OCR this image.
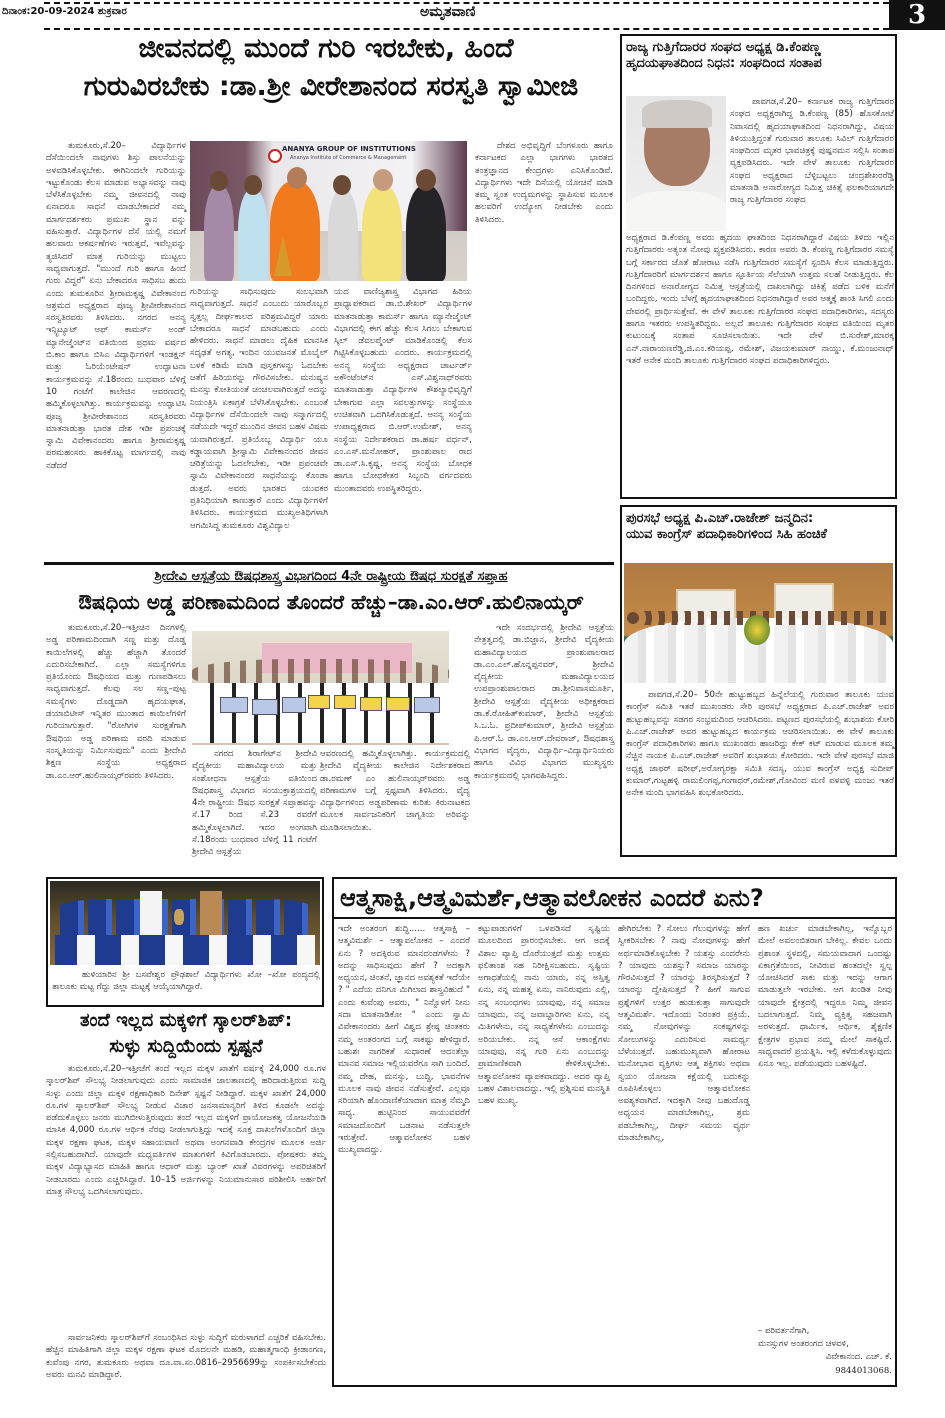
ದಿನಾಂಕ:20-09-2024 ಶುಕ್ರವಾರ	ಅಮೃತವಾಣಿ	3
ಜೀವನದಲ್ಲಿ ಮುಂದೆ ಗುರಿ ಇರಬೇಕು, ಹಿಂದೆ
ಗುರುವಿರಬೇಕು :ಡಾ.ಶ್ರೀ ವೀರೇಶಾನಂದ ಸರಸ್ವತಿ ಸ್ವಾಮೀಜಿ

ತುಮಕೂರು,ಸೆ.20– ವಿದ್ಯಾರ್ಥಿಗಳ ದೆಸೆಯಿಂದಲೇ ನಾವುಗಳು ಶಿಸ್ತು ಪಾಲನೆಯನ್ನು ಅಳವಡಿಸಿಕೊಳ್ಳಬೇಕು. ಈಗಿನಿಂದಲೇ ಗುರಿಯನ್ನು ಇಟ್ಟುಕೊಂಡು ಕೆಲಸ ಮಾಡುವ ಅಭ್ಯಾಸವನ್ನು ನಾವು ಬೆಳೆಸಿಕೊಳ್ಳಬೇಕು ನಮ್ಮ ಜೀವನದಲ್ಲಿ ನಾವು ಏನಾದರೂ ಸಾಧನೆ ಮಾಡಬೇಕಾದರೆ ನಮ್ಮ ಮಾರ್ಗದರ್ಶಕರು ಪ್ರಮುಖ ಸ್ಥಾನ ವನ್ನು ವಹಿಸುತ್ತಾರೆ. ವಿದ್ಯಾರ್ಥಿಗಳ ದೆಸೆ ಯಲ್ಲಿ ನಮಗೆ ಹಲವಾರು ಆಕರ್ಷಣೆಗಳು ಇರುತ್ತವೆ, ಇವೆಲ್ಲವನ್ನು ತ್ಯಜಿಸಿದರೆ ಮಾತ್ರ ಗುರಿಯನ್ನು ಮುಟ್ಟಲು ಸಾಧ್ಯವಾಗುತ್ತದೆ. "ಮುಂದೆ ಗುರಿ ಹಾಗೂ ಹಿಂದೆ ಗುರು ವಿದ್ದರೆ" ಏನು ಬೇಕಾದರೂ ಸಾಧಿಸಬ ಹುದು ಎಂದು ತುಮಕೂರಿನ ಶ್ರೀರಾಮಕೃಷ್ಣ ವಿವೇಕಾನಂದ ಆಶ್ರಮದ ಅಧ್ಯಕ್ಷರಾದ ಪೂಜ್ಯ ಶ್ರೀವೀರೇಶಾನಂದ ಸರಸ್ವತಿರವರು ತಿಳಿಸಿದರು. ನಗರದ ಅನನ್ಯ ಇನ್ಸ್ಟಿಟ್ಯೂಟ್ ಆಫ್ ಕಾಮರ್ಸ್ ಅಂಡ್ ಮ್ಯಾನೇಜ್ಮೆಂಟ್‌ನ ವತಿಯಿಂದ ಪ್ರಥಮ ವರ್ಷದ ಬಿ.ಕಾಂ ಹಾಗೂ ಬಿಸಿಎ ವಿದ್ಯಾರ್ಥಿಗಳಿಗೆ ಇಂಡಕ್ಷನ್ ಮತ್ತು ಓರಿಯೆಂಟೇಷನ್ ಉದ್ಘಾಟನಾ ಕಾರ್ಯಕ್ರಮವನ್ನು ಸೆ.18ರಂದು ಬುಧವಾರ ಬೆಳಿಗ್ಗೆ 10 ಗಂಟೆಗೆ ಕಾಲೇಜಿನ ಆವರಣದಲ್ಲಿ ಹಮ್ಮಿಕೊಳ್ಳಲಾಗಿತ್ತು. ಕಾರ್ಯಕ್ರಮವನ್ನು ಉದ್ಘಾಟಿಸಿ ಪೂಜ್ಯ ಶ್ರೀವೀರೇಶಾನಂದ ಸರಸ್ವತಿರವರು ಮಾತನಾಡುತ್ತಾ ಭಾರತ ದೇಶ ಇಡೀ ಪ್ರಪಂಚಕ್ಕೆ ಸ್ವಾಮಿ ವಿವೇಕಾನಂದರು ಹಾಗೂ ಶ್ರೀರಾಮಕೃಷ್ಣ ಪರಮಹಂಸರು ಹಾಕಿಕೊಟ್ಟ ಮಾರ್ಗದಲ್ಲಿ ನಾವು ನಡೆದರೆ

ANANYA GROUP OF INSTITUTIONS
Ananya Institute of Commerce & Management

ಗುರಿಯನ್ನು ಸಾಧಿಸುವುದು ಸುಲಭವಾಗಿ ಸಾಧ್ಯವಾಗುತ್ತದೆ. ಸಾಧನೆ ಎಂಬುದು ಯಾರೊಬ್ಬರ ಸ್ವತ್ತಲ್ಲ ದೀರ್ಘಕಾಲದ ಪರಿಶ್ರಮವಿದ್ದರೆ ಯಾರು ಬೇಕಾದರೂ ಸಾಧನೆ ಮಾಡಬಹುದು ಎಂದು ಹೇಳಿದರು. ಸಾಧನೆ ಮಾಡಲು ದೈಹಿಕ ಮಾನಸಿಕ ಸದೃಢತೆ ಅಗತ್ಯ, ಇಂದಿನ ಯುವಜನತೆ ಮೊಬೈಲ್ ಬಳಕೆ ಕಡಿಮೆ ಮಾಡಿ ಪುಸ್ತಕಗಳನ್ನು ಓದಬೇಕು ಜತೆಗೆ ಹಿರಿಯರನ್ನು ಗೌರವಿಸಬೇಕು. ಮನುಷ್ಯನ ಮನಸ್ಸು ಕೋತಿಯಂತೆ ಚಂಚಲವಾಗಿರುತ್ತದೆ ಅದನ್ನು ನಿಯಂತ್ರಿಸಿ ಏಕಾಗ್ರತೆ ಬೆಳೆಸಿಕೊಳ್ಳಬೇಕು. ಎಂಬಂತೆ ವಿದ್ಯಾರ್ಥಿಗಳ ದೆಸೆಯಿಂದಲೇ ನಾವು ಸನ್ಮಾರ್ಗದಲ್ಲಿ ನಡೆಯದೇ ಇದ್ದರೆ ಮುಂದಿನ ಜೀವನ ಬಹಳ ವಿಷಮ ಯವಾಗಿರುತ್ತದೆ. ಪ್ರತಿಯೊಬ್ಬ ವಿದ್ಯಾರ್ಥಿ ಯೂ ಕಡ್ಡಾಯವಾಗಿ ಶ್ರೀಸ್ವಾಮಿ ವಿವೇಕಾನಂದರ ಜೀವನ ಚರಿತ್ರೆಯನ್ನು ಓದಲೇಬೇಕು, ಇಡೀ ಪ್ರಪಂಚವೇ ಸ್ವಾಮಿ ವಿವೇಕಾನಂದರ ಸಾಧನೆಯನ್ನು ಕೊಂಡಾ ಡುತ್ತದೆ. ಅವರು ಭಾರತದ ಯುವಕರ ಪ್ರತಿನಿಧಿಯಾಗಿ ಕಾಣುತ್ತಾರೆ ಎಂದು ವಿದ್ಯಾರ್ಥಿಗಳಿಗೆ ತಿಳಿಸಿದರು. ಕಾರ್ಯಕ್ರಮದ ಮುಖ್ಯಅತಿಥಿಗಳಾಗಿ ಆಗಮಿಸಿದ್ದ ತುಮಕೂರು ವಿಶ್ವವಿದ್ಯಾಲ

ಯದ ವಾಣಿಜ್ಯಶಾಸ್ತ್ರ ವಿಭಾಗದ ಹಿರಿಯ ಪ್ರಾಧ್ಯಾಪಕರಾದ ಡಾ.ಬಿ.ಶೇಖರ್ ವಿದ್ಯಾರ್ಥಿಗಳ ಮಾತನಾಡುತ್ತಾ ಕಾಮರ್ಸ್ ಹಾಗೂ ಮ್ಯಾನೇಜ್ಮೆಂಟ್ ವಿಭಾಗದಲ್ಲಿ ಈಗ ಹೆಚ್ಚು ಕೆಲಸ ಸಿಗಲು ಬೇಕಾಗುವ ಸ್ಕಿಲ್ ಡೆವಲಪ್ಮೆಂಟ್ ಮಾಡಿಕೊಂಡಲ್ಲಿ ಕೆಲಸ ಗಿಟ್ಟಿಸಿಕೊಳ್ಳಬಹುದು ಎಂದರು. ಕಾರ್ಯಕ್ರಮದಲ್ಲಿ ಅನನ್ಯ ಸಂಸ್ಥೆಯ ಅಧ್ಯಕ್ಷರಾದ ಚಾರ್ಟರ್ಡ್ ಅಕೌಂಟೆಂಟ್‌ನ ಎಸ್.ವಿಶ್ವನಾಥ್‌ರವರು ಮಾತನಾಡುತ್ತಾ ವಿದ್ಯಾರ್ಥಿಗಳ ಕೌಶಲ್ಯಾಭಿವೃದ್ಧಿಗೆ ಬೇಕಾಗುವ ಎಲ್ಲಾ ಸವಲತ್ತುಗಳನ್ನು ಸಂಸ್ಥೆಯೂ ಉಚಿತವಾಗಿ ಒದಗಿಸಿಕೊಡುತ್ತದೆ. ಅನನ್ಯ ಸಂಸ್ಥೆಯ ಉಪಾಧ್ಯಕ್ಷರಾದ ಬಿ.ಆರ್.ಉಮೇಶ್, ಅನನ್ಯ ಸಂಸ್ಥೆಯ ನಿರ್ದೇಶಕರಾದ ಡಾ.ಹರ್ಷ ವರ್ಧನ್, ಎಂ.ಎಸ್.ಮನೋಹರ್, ಪ್ರಾಂಶುಪಾಲ ರಾದ ಡಾ.ಎಸ್.ಸಿ.ಕೃಷ್ಣ, ಅನನ್ಯ ಸಂಸ್ಥೆಯ ಬೋಧಕ ಹಾಗೂ ಬೋಧಕೇತರ ಸಿಬ್ಬಂದಿ ವರ್ಗದವರು ಮುಂತಾದವರು ಉಪಸ್ಥಿತರಿದ್ದರು.

ದೇಶದ ಅಭಿವೃದ್ಧಿಗೆ ಬೆಂಗಳೂರು ಹಾಗೂ ಕರ್ನಾಟಕದ ಎಲ್ಲಾ ಭಾಗಗಳು ಭಾರತದ ತಂತ್ರಜ್ಞಾನದ ಕೇಂದ್ರಗಳು ಎನಿಸಿಕೊಂಡಿವೆ. ವಿದ್ಯಾರ್ಥಿಗಳು ಇದೇ ದಿಸೆಯಲ್ಲಿ ಯೋಚನೆ ಮಾಡಿ ತಮ್ಮ ಸ್ವಂತ ಉದ್ಯಮಗಳನ್ನು ಸ್ಥಾಪಿಸುವ ಮೂಲಕ ಹಲವರಿಗೆ ಉದ್ಯೋಗ ನೀಡಬೇಕು ಎಂದು ತಿಳಿಸಿದರು.

ರಾಜ್ಯ ಗುತ್ತಿಗೆದಾರರ ಸಂಘದ ಅಧ್ಯಕ್ಷ ಡಿ.ಕೆಂಪಣ್ಣ
ಹೃದಯಘಾತದಿಂದ ನಿಧನ: ಸಂಘದಿಂದ ಸಂತಾಪ

ಪಾವಗಡ,ಸೆ.20– ಕರ್ನಾಟಕ ರಾಜ್ಯ ಗುತ್ತಿಗೆದಾರರ ಸಂಘದ ಅಧ್ಯಕ್ಷರಾಗಿದ್ದ ಡಿ.ಕೆಂಪಣ್ಣ (85) ಹೊಸಕೋಟೆ ನಿವಾಸದಲ್ಲಿ ಹೃದಯಾಘಾತದಿಂದ ನಿಧನರಾಗಿದ್ದು, ವಿಷಯ ತಿಳಿಯುತ್ತಿದ್ದಂತೆ ಗುರುವಾರ ತಾಲೂಕು ಸಿವಿಲ್ ಗುತ್ತಿಗೆದಾರರ ಸಂಘದಿಂದ ಮೃತರ ಭಾವಚಿತ್ರಕ್ಕೆ ಪುಷ್ಪನಮನ ಸಲ್ಲಿಸಿ ಸಂತಾಪ ವ್ಯಕ್ತಪಡಿಸಿದರು. ಇದೇ ವೇಳೆ ತಾಲೂಕು ಗುತ್ತಿಗೆದಾರರ ಸಂಘದ ಅಧ್ಯಕ್ಷರಾದ ಬೆಳ್ಳಿಬಟ್ಟಲು ಚಂದ್ರಶೇಖರರೆಡ್ಡಿ ಮಾತನಾಡಿ ಅನಾರೋಗ್ಯದ ನಿಮಿತ್ತ ಚಿಕಿತ್ಸೆ ಫಲಕಾರಿಯಾಗದೇ ರಾಜ್ಯ ಗುತ್ತಿಗೆದಾರರ ಸಂಘದ

ಅಧ್ಯಕ್ಷರಾದ ಡಿ.ಕೆಂಪಣ್ಣ ಅವರು ಹೃದಯ ಘಾತದಿಂದ ನಿಧನರಾಗಿದ್ದಾರೆ ವಿಷಯ ತಿಳಿದು ಇಲ್ಲಿನ ಗುತ್ತಿಗೆದಾರರು ಅತ್ಯಂತ ನೋವು ವ್ಯಕ್ತಪಡಿಸಿದರು. ಕಾರಣ ಅವರು ಡಿ. ಕೆಂಪಣ್ಣ ಗುತ್ತಿಗೆದಾರರ ಸಮಸ್ಯೆ ಬಗ್ಗೆ ಸರ್ಕಾರದ ಜೊತೆ ಹೋರಾಟ ನಡೆಸಿ ಗುತ್ತಿಗೆದಾರರ ಸಮಸ್ಯೆಗೆ ಸ್ಪಂದಿಸಿ ಕೆಲಸ ಮಾಡುತ್ತಿದ್ದರು. ಗುತ್ತಿಗೆದಾರರಿಗೆ ಮಾರ್ಗದರ್ಶನ ಹಾಗೂ ಸ್ಫೂರ್ತಿಯ ಸೆಲೆಯಾಗಿ ಉತ್ತಮ ಸಲಹೆ ನೀಡುತ್ತಿದ್ದರು. ಕೆಲ ದಿನಗಳಿಂದ ಅನಾರೋಗ್ಯದ ನಿಮಿತ್ತ ಆಸ್ಪತ್ರೆಯಲ್ಲಿ ದಾಖಲಾಗಿದ್ದು ಚಿಕಿತ್ಸೆ ಪಡೆದ ಬಳಿಕ ಮನೆಗೆ ಬಂದಿದ್ದರು, ಇಂದು ಬೆಳಗ್ಗೆ ಹೃದಯಾಘಾತದಿಂದ ನಿಧನರಾಗಿದ್ದಾರೆ ಅವರ ಆತ್ಮಕ್ಕೆ ಶಾಂತಿ ಸಿಗಲಿ ಎಂದು ದೇವರಲ್ಲಿ ಪ್ರಾರ್ಥಿಸುತ್ತೇವೆ. ಈ ವೇಳೆ ತಾಲೂಕು ಗುತ್ತಿಗೆದಾರರ ಸಂಘದ ಪದಾಧಿಕಾರಿಗಳು, ಸದಸ್ಯರು ಹಾಗೂ ಇತರರು ಉಪಸ್ಥಿತರಿದ್ದರು. ಅಲ್ಲದೆ ತಾಲೂಕು ಗುತ್ತಿಗೆದಾರರ ಸಂಘದ ವತಿಯಿಂದ ಮೃತರ ಕುಟುಂಬಕ್ಕೆ ಸಂತಾಪ ಸೂಚಿಸಲಾಯಿತು. ಇದೇ ವೇಳೆ ಬಿ.ಸುರೇಶ್,ಮಾರಕ್ಕ ಎನ್.ನಾರಾಯಣರೆಡ್ಡಿ,ಜಿ.ಎಂ.ಕರಿಯಪ್ಪ, ರಮೇಶ್, ವಿಜಯಕುಮಾರ್ ನಾಯ್ಡು, ಕೆ.ಮಂಜುನಾಥ್ ಇತರೆ ಅನೇಕ ಮಂದಿ ತಾಲೂಕು ಗುತ್ತಿಗೆದಾರರ ಸಂಘದ ಪದಾಧಿಕಾರಿಗಳಿದ್ದರು.

ಪುರಸಭೆ ಅಧ್ಯಕ್ಷ ಪಿ.ಎಚ್.ರಾಜೇಶ್ ಜನ್ಮದಿನ:
ಯುವ ಕಾಂಗ್ರೆಸ್ ಪದಾಧಿಕಾರಿಗಳಿಂದ ಸಿಹಿ ಹಂಚಿಕೆ

ಪಾವಗಡ,ಸೆ.20– 50ನೇ ಹುಟ್ಟುಹಬ್ಬದ ಹಿನ್ನೆಲೆಯಲ್ಲಿ ಗುರುವಾರ ತಾಲೂಕು ಯುವ ಕಾಂಗ್ರೆಸ್ ಸಮಿತಿ ಇತರೆ ಮುಖಂಡರು ಸೇರಿ ಪುರಸಭೆ ಅಧ್ಯಕ್ಷರಾದ ಪಿ.ಎಚ್.ರಾಜೇಶ್ ಅವರ ಹುಟ್ಟುಹಬ್ಬವನ್ನು ಸಡಗರ ಸಂಭ್ರಮದಿಂದ ಆಚರಿಸಿದರು. ಪಟ್ಟಣದ ಪುರಸಭೆಯಲ್ಲಿ ಶುಭಾಶಯ ಕೋರಿ ಪಿ.ಎಚ್.ರಾಜೇಶ್ ಅವರ ಹುಟ್ಟುಹಬ್ಬದ ಕಾರ್ಯಕ್ರಮ ಆಚರಿಸಲಾಯಿತು. ಈ ವೇಳೆ ತಾಲೂಕು ಕಾಂಗ್ರೆಸ್ ಪದಾಧಿಕಾರಿಗಳು ಹಾಗೂ ಮುಖಂಡರು ಹಾಜರಿದ್ದು ಕೇಕ್ ಕಟ್ ಮಾಡುವ ಮೂಲಕ ತಮ್ಮ ನೆಚ್ಚಿನ ನಾಯಕ ಪಿ.ಎಚ್.ರಾಜೇಶ್ ಅವರಿಗೆ ಶುಭಾಶಯ ಕೋರಿದರು. ಇದೇ ವೇಳೆ ಪುರಸಭೆ ಮಾಜಿ ಅಧ್ಯಕ್ಷ ಜಾಫರ್ ಷರೀಫ್,ಅರೋಗ್ಯರಕ್ಷಾ ಸಮಿತಿ ಸದಸ್ಯ, ಯುವ ಕಾಂಗ್ರೆಸ್ ಅಧ್ಯಕ್ಷ ಸುದೀಪ್ ಕುಮಾರ್,ಗುಟ್ಟಹಳ್ಳಿ ರಾಮಲಿಂಗಪ್ಪ,ಗಂಗಾಧರ್,ರಮೇಶ್,ಗೋವಿಂದ ಮಣಿ ಪಳವಳ್ಳಿ ಮಂಜು ಇತರೆ ಅನೇಕ ಮಂದಿ ಭಾಗವಹಿಸಿ ಶುಭಕೋರಿದರು.

ಶ್ರೀದೇವಿ ಆಸ್ಪತ್ರೆಯ ಔಷಧಶಾಸ್ತ್ರ ವಿಭಾಗದಿಂದ 4ನೇ ರಾಷ್ಟ್ರೀಯ ಔಷಧ ಸುರಕ್ಷತೆ ಸಪ್ತಾಹ
ಔಷಧಿಯ ಅಡ್ಡ ಪರಿಣಾಮದಿಂದ ತೊಂದರೆ ಹೆಚ್ಚು–ಡಾ.ಎಂ.ಆರ್.ಹುಲಿನಾಯ್ಕರ್

ತುಮಕೂರು,ಸೆ.20–ಇತ್ತೀಚಿನ ದಿನಗಳಲ್ಲಿ ಅಡ್ಡ ಪರಿಣಾಮದಿಂದಾಗಿ ಸಣ್ಣ ಮತ್ತು ದೊಡ್ಡ ಕಾಯಿಲೆಗಳಲ್ಲಿ ಹೆಚ್ಚು ಹೆಚ್ಚಾಗಿ ತೊಂದರೆ ಎದುರಿಸಬೇಕಾಗಿದೆ. ಎಲ್ಲಾ ಸಮಸ್ಯೆಗಳಿಗೂ ಪ್ರತಿಯೊಂದು ಔಷಧಿಯದ ಮತ್ತು ಗುಣಪಡಿಸಲು ಸಾಧ್ಯವಾಗುತ್ತದೆ. ಕೆಲವು ಸಲ ಸಣ್ಣ–ಪುಟ್ಟ ಸಮಸ್ಯೆಗಳು ದೊಡ್ಡದಾಗಿ ಹೃದಯಘಾತ, ಡಯಾಬಿಟೀಸ್ ಇನ್ನಿತರ ಮುಂತಾದ ಕಾಯಿಲೆಗಳಿಗೆ ಗುರಿಯಾಗುತ್ತಾರೆ. "ರೋಗಿಗಳ ಸುರಕ್ಷತೆಗಾಗಿ ಔಷಧಿಯ ಅಡ್ಡ ಪರಿಣಾಮ ವರದಿ ಮಾಡುವ ಸಂಸ್ಕೃತಿಯನ್ನು ನಿರ್ಮಿಸುವುದು" ಎಂದು ಶ್ರೀದೇವಿ ಶಿಕ್ಷಣ ಸಂಸ್ಥೆಯ ಅಧ್ಯಕ್ಷರಾದ ಡಾ.ಎಂ.ಆರ್.ಹುಲಿನಾಯ್ಕರ್‌ರವರು ತಿಳಿಸಿದರು.

ನಗರದ ಶಿರಾಗೇಟ್‌ನ ಶ್ರೀದೇವಿ ವೈದ್ಯಕೀಯ ಮಹಾವಿದ್ಯಾಲಯ ಮತ್ತು ಸಂಶೋಧನಾ ಆಸ್ಪತ್ರೆಯ ವತಿಯಿಂದ ಔಷಧಶಾಸ್ತ್ರ ವಿಭಾಗದ ಸಂಯುಕ್ತಾಶ್ರಯದಲ್ಲಿ 4ನೇ ರಾಷ್ಟ್ರೀಯ ಔಷಧ ಸುರಕ್ಷತೆ ಸಪ್ತಾಹವನ್ನು ಸೆ.17 ರಿಂದ ಸೆ.23 ರವರೆಗೆ ಹಮ್ಮಿಕೊಳ್ಳಲಾಗಿದೆ. ಇದರ ಅಂಗವಾಗಿ ಸೆ.18ರಂದು ಬುಧವಾರ ಬೆಳಿಗ್ಗೆ 11 ಗಂಟೆಗೆ ಶ್ರೀದೇವಿ ಆಸ್ಪತ್ರೆಯ

ಆವರಣದಲ್ಲಿ ಹಮ್ಮಿಕೊಳ್ಳಲಾಗಿತ್ತು. ಕಾರ್ಯಕ್ರಮದಲ್ಲಿ ಶ್ರೀದೇವಿ ವೈದ್ಯಕೀಯ ಕಾಲೇಜಿನ ನಿರ್ದೇಶಕರಾದ ಡಾ.ರಮಣ್ ಎಂ ಹುಲಿನಾಯ್ಕರ್‌ರವರು ಅಡ್ಡ ಪರಿಣಾಮಗಳ ಬಗ್ಗೆ ಸ್ಪಷ್ಟವಾಗಿ ತಿಳಿಸಿದರು. ವೈದ್ಯ ವಿದ್ಯಾರ್ಥಿಗಳಿಂದ ಅಡ್ಡಪರಿಣಾಮ ಕುರಿತು ಕಿರುನಾಟಕದ ಮೂಲಕ ಸಾರ್ವಜನಿಕರಿಗೆ ಜಾಗೃತಿಯ ಅರಿವನ್ನು ಮೂಡಿಸಲಾಯಿತು.

ಇದೇ ಸಂದರ್ಭದಲ್ಲಿ ಶ್ರೀದೇವಿ ಆಸ್ಪತ್ರೆಯ ನೇತ್ರತ್ವದಲ್ಲಿ ಡಾ.ಬಿಜ್ಜಾನ, ಶ್ರೀದೇವಿ ವೈದ್ಯಕೀಯ ಮಹಾವಿದ್ಯಾಲಯದ ಪ್ರಾಂಶುಪಾಲರಾದ ಡಾ.ಎಂ.ಎಲ್.ಹೊನ್ನಪ್ಪನವರ್, ಶ್ರೀದೇವಿ ವೈದ್ಯಕೀಯ ಮಹಾವಿದ್ಯಾಲಯದ ಉಪಪ್ರಾಂಶುಪಾಲರಾದ ಡಾ.ಶ್ರೀನಿವಾಸಮೂರ್ತಿ, ಶ್ರೀದೇವಿ ಆಸ್ಪತ್ರೆಯ ವೈದ್ಯಕೀಯ ಅಧೀಕ್ಷಕರಾದ ಡಾ.ಕೆ.ರೋಹಿತ್‌ಕುಮಾರ್, ಶ್ರೀದೇವಿ ಆಸ್ಪತ್ರೆಯ ಸಿ.ಒ.ಓ. ಪ್ರದೀಪ್‌ಕುಮಾರ್, ಶ್ರೀದೇವಿ ಆಸ್ಪತ್ರೆಯ ಪಿ.ಆರ್.ಓ ಡಾ.ಎಂ.ಆರ್.ದೇವರಾಜ್, ಔಷಧಶಾಸ್ತ್ರ ವಿಭಾಗದ ವೈದ್ಯರು, ವಿದ್ಯಾರ್ಥಿ–ವಿದ್ಯಾರ್ಥಿನಿಯರು ಹಾಗೂ ವಿವಿಧ ವಿಭಾಗದ ಮುಖ್ಯಸ್ಥರು ಕಾರ್ಯಕ್ರಮದಲ್ಲಿ ಭಾಗವಹಿಸಿದ್ದರು.

ಹುಳಿಯಾರಿನ ಶ್ರೀ ಬಸವೇಶ್ವರ ಪ್ರೌಢಶಾಲೆ ವಿದ್ಯಾರ್ಥಿಗಳು ಖೋ –ಖೋ ಪಂದ್ಯದಲ್ಲಿ ತಾಲೂಕು ಮಟ್ಟ ಗೆದ್ದು ಜಿಲ್ಲಾ ಮಟ್ಟಕ್ಕೆ ಆಯ್ಕೆಯಾಗಿದ್ದಾರೆ.
ತಂದೆ ಇಲ್ಲದ ಮಕ್ಕಳಿಗೆ ಸ್ಕಾಲರ್‌ಶಿಪ್:
ಸುಳ್ಳು ಸುದ್ದಿಯೆಂದು ಸ್ಪಷ್ಟನೆ

ತುಮಕೂರು,ಸೆ.20–ಇತ್ತೀಚೆಗೆ ತಂದೆ ಇಲ್ಲದ ಮಕ್ಕಳ ಖಾತೆಗೆ ವರ್ಷಕ್ಕೆ 24,000 ರೂ.ಗಳ ಸ್ಕಾಲರ್‌ಶಿಪ್ ಸೌಲಭ್ಯ ನೀಡಲಾಗುವುದು ಎಂದು ಸಾಮಾಜಿಕ ಜಾಲತಾಣದಲ್ಲಿ ಹರಿದಾಡುತ್ತಿರುವ ಸುದ್ದಿ ಸುಳ್ಳು ಎಂದು ಜಿಲ್ಲಾ ಮಕ್ಕಳ ರಕ್ಷಣಾಧಿಕಾರಿ ದಿನೇಶ್ ಸ್ಪಷ್ಟನೆ ನೀಡಿದ್ದಾರೆ. ಮಕ್ಕಳ ಖಾತೆಗೆ 24,000 ರೂ.ಗಳ ಸ್ಕಾಲರ್‌ಶಿಪ್ ಸೌಲಭ್ಯ ನೀಡುವ ವಿಚಾರ ಜನಸಾಮಾನ್ಯರಿಗೆ ತಿಳಿದ ಕೂಡಲೇ ಅದನ್ನು ಪಡೆದುಕೊಳ್ಳಲು ಜನರು ಮುಗಿಬೀಳುತ್ತಿರುವುದು ತಂದೆ ಇಲ್ಲದ ಮಕ್ಕಳಿಗೆ ಪ್ರಾಯೋಜಕತ್ವ ಯೋಜನೆಯಡಿ ಮಾಸಿಕ 4,000 ರೂ.ಗಳ ಆರ್ಥಿಕ ನೆರವು ನೀಡಲಾಗುತ್ತಿದ್ದು ಇದಕ್ಕೆ ಸೂಕ್ತ ದಾಖಲೆಗಳೊಂದಿಗೆ ಜಿಲ್ಲಾ ಮಕ್ಕಳ ರಕ್ಷಣಾ ಘಟಕ, ಮಕ್ಕಳ ಸಹಾಯವಾಣಿ ಅಥವಾ ಅಂಗನವಾಡಿ ಕೇಂದ್ರಗಳ ಮೂಲಕ ಅರ್ಜಿ ಸಲ್ಲಿಸಬಹುದಾಗಿದೆ. ಯಾವುದೇ ಮಧ್ಯವರ್ತಿಗಳ ಮಾತುಗಳಿಗೆ ಕಿವಿಗೊಡಬಾರದು. ಪೋಷಕರು ತಮ್ಮ ಮಕ್ಕಳ ವಿದ್ಯಾಭ್ಯಾಸದ ಮಾಹಿತಿ ಹಾಗೂ ಆಧಾರ್ ಮತ್ತು ಬ್ಯಾಂಕ್ ಖಾತೆ ವಿವರಗಳನ್ನು ಅಪರಿಚಿತರಿಗೆ ನೀಡಬಾರದು ಎಂದು ಎಚ್ಚರಿಸಿದ್ದಾರೆ. 10–15 ಅರ್ಜಿಗಳನ್ನು ನಿಯಮಾನುಸಾರ ಪರಿಶೀಲಿಸಿ ಅರ್ಹರಿಗೆ ಮಾತ್ರ ಸೌಲಭ್ಯ ಒದಗಿಸಲಾಗುವುದು.

ಸಾರ್ವಜನಿಕರು ಸ್ಕಾಲರ್‌ಶಿಪ್‌ಗೆ ಸಂಬಂಧಿಸಿದ ಸುಳ್ಳು ಸುದ್ದಿಗೆ ಮರುಳಾಗದೆ ಎಚ್ಚರಿಕೆ ವಹಿಸಬೇಕು. ಹೆಚ್ಚಿನ ಮಾಹಿತಿಗಾಗಿ ಜಿಲ್ಲಾ ಮಕ್ಕಳ ರಕ್ಷಣಾ ಘಟಕ ಮೊದಲನೇ ಮಹಡಿ, ಮಹಾತ್ಮಗಾಂಧಿ ಕ್ರೀಡಾಂಗಣ, ಕುವೆಂಪು ನಗರ, ತುಮಕೂರು ಅಥವಾ ದೂ.ವಾ.ಸಂ.0816–2956699ನ್ನು ಸಂಪರ್ಕಿಸಬೇಕೆಂದು ಅವರು ಮನವಿ ಮಾಡಿದ್ದಾರೆ.

ಆತ್ಮಸಾಕ್ಷಿ,ಆತ್ಮವಿಮರ್ಶೆ,ಆತ್ಮಾವಲೋಕನ ಎಂದರೆ ಏನು?

ಇದೇ ಅಂತರಂಗ ಶುದ್ಧಿ...... ಆತ್ಮಸಾಕ್ಷಿ – ಆತ್ಮವಿಮರ್ಶೆ – ಆತ್ಮಾವಲೋಕನ – ಎಂದರೆ ಏನು ? ಅದಕ್ಕಿರುವ ಮಾನದಂಡಗಳೇನು ? ಅದನ್ನು ಸಾಧಿಸುವುದು ಹೇಗೆ ? ಅದಕ್ಕಾಗಿ ಅಧ್ಯಯನ, ಚಿಂತನೆ, ಜ್ಞಾನದ ಅವಶ್ಯಕತೆ ಇದೆಯೇ ? " ಎದೆಯ ದನಿಗೂ ಮಿಗಿಲಾದ ಶಾಸ್ತ್ರವಿಹುದೆ " ಎಂದು ಕುವೆಂಪು ಅವರು, " ನಿನ್ನೊಳಗೆ ನೀನು ಸದಾ ಮಾತನಾಡಿಕೋ " ಎಂದು ಸ್ವಾಮಿ ವಿವೇಕಾನಂದರು ಹೀಗೆ ವಿಶ್ವದ ಶ್ರೇಷ್ಠ ಚಿಂತಕರು ನಮ್ಮ ಅಂತರಂಗದ ಬಗ್ಗೆ ಸಾಕಷ್ಟು ಹೇಳಿದ್ದಾರೆ. ಬಹುಶಃ ನಾಗರಿಕತೆ ಸುಧಾರಣೆ ಆದಂತೆಲ್ಲಾ ಮಾನವ ಸಮಾಜ ಇಲ್ಲಿಯವರೆಗೂ ಸಾಗಿ ಬಂದಿದೆ. ನಮ್ಮ ದೇಹ, ಮನಸ್ಸು, ಬುದ್ಧಿ, ಭಾವನೆಗಳ ಮೂಲಕ ನಾವು ಜೀವನ ನಡೆಸುತ್ತೇವೆ. ಎಲ್ಲವೂ ಸರಿಯಾಗಿ ಹೊಂದಾಣಿಕೆಯಾದಾಗ ಮಾತ್ರ ನೆಮ್ಮದಿ ಸಾಧ್ಯ. ಹುಟ್ಟಿನಿಂದ ಸಾಯುವವರೆಗೆ ಸಮಾಜದೊಂದಿಗೆ ಒಡನಾಟ ನಡೆಸುತ್ತಲೇ ಇರುತ್ತೇವೆ. ಆತ್ಮಾವಲೋಕನ ಬಹಳ ಮುಖ್ಯವಾದದ್ದು.

ಕಟ್ಟುಪಾಡುಗಳಿಗೆ ಒಳಪಡಿಸದೆ ಸೃಷ್ಟಿಯ ಮೂಲದಿಂದ ಪ್ರಾರಂಭಿಸಬೇಕು. ಆಗ ಅದಕ್ಕೆ ವಿಶಾಲ ವ್ಯಾಪ್ತಿ ದೊರೆಯುತ್ತದೆ ಮತ್ತು ಉತ್ತಮ ಫಲಿತಾಂಶ ಸಹ ನಿರೀಕ್ಷಿಸಬಹುದು. ಸೃಷ್ಟಿಯ ಅಗಾಧತೆಯಲ್ಲಿ ನಾನು ಯಾರು, ನನ್ನ ಅಸ್ತಿತ್ವ ಏನು, ನನ್ನ ಮಹತ್ವ ಏನು, ನಾನಿರುವುದು ಎಲ್ಲಿ, ನನ್ನ ಸಂಬಂಧಗಳು ಯಾವುವು, ನನ್ನ ಸಮಾಜ ಯಾವುದು, ನನ್ನ ಜವಾಬ್ದಾರಿಗಳು ಏನು, ನನ್ನ ಮಿತಿಗಳೇನು, ನನ್ನ ಸಾಧ್ಯತೆಗಳೇನು ಎಂಬುದನ್ನು ಅರಿಯಬೇಕು. ನನ್ನ ಆಸೆ ಆಕಾಂಕ್ಷೆಗಳು ಯಾವುವು, ನನ್ನ ಗುರಿ ಏನು ಎಂಬುದನ್ನು ಪ್ರಾಮಾಣಿಕವಾಗಿ ಕೇಳಿಕೊಳ್ಳಬೇಕು. ಆತ್ಮಾವಲೋಕನ ವ್ಯಾಪಕವಾದದ್ದು. ಅದರ ವ್ಯಾಪ್ತಿ ಬಹಳ ವಿಶಾಲವಾದದ್ದು. ಇಲ್ಲಿ ಪ್ರಶ್ನಿಸುವ ಮನಸ್ಥಿತಿ ಬಹಳ ಮುಖ್ಯ.

ಹೇಗಿರಬೇಕು ? ಸೋಲು ಗೆಲುವುಗಳನ್ನು ಹೇಗೆ ಸ್ವೀಕರಿಸಬೇಕು ? ನಾವು ನೋವುಗಳನ್ನು ಹೇಗೆ ಅರ್ಥಮಾಡಿಕೊಳ್ಳಬೇಕು ? ಯಶಸ್ಸು ಎಂದರೇನು ? ಯಾವುದು ಯಶಸ್ಸು? ಸಮಾಜ ಯಾರನ್ನು ಗೌರವಿಸುತ್ತದೆ ? ಯಾರನ್ನು ತಿರಸ್ಕರಿಸುತ್ತದೆ ? ಯಾರನ್ನು ದ್ವೇಷಿಸುತ್ತದೆ ? ಹೀಗೆ ಸಾಗುವ ಪ್ರಶ್ನೆಗಳಿಗೆ ಉತ್ತರ ಹುಡುಕುತ್ತಾ ಸಾಗುವುದೇ ಆತ್ಮವಿಮರ್ಶೆ. ಇದೊಂದು ನಿರಂತರ ಪ್ರಕ್ರಿಯೆ. ನಮ್ಮ ನೋವುಗಳನ್ನು ಸಂಕಷ್ಟಗಳನ್ನು ಸೋಲುಗಳನ್ನು ಎದುರಿಸುವ ಸಾಮರ್ಥ್ಯ ಬೆಳೆಯುತ್ತದೆ. ಬಹುಮುಖ್ಯವಾಗಿ ಹೋರಾಟ ಮನೋಭಾವ ವ್ಯಕ್ತಿಗಳು ಆತ್ಮ ಶಕ್ತಿಗಳು ಅಥವಾ ಸ್ವಯಂ ಯೋಜನಾ ಕಕ್ಷೆಯಲ್ಲಿ ಬದುಕನ್ನು ರೂಪಿಸಿಕೊಳ್ಳಲು ಆತ್ಮಾವಲೋಕನ ಅವಶ್ಯಕವಾಗಿದೆ. ಇದಕ್ಕಾಗಿ ನೀವು ಬಹುದೊಡ್ಡ ಅಧ್ಯಯನ ಮಾಡಬೇಕಾಗಿಲ್ಲ, ಶ್ರಮ ಪಡಬೇಕಾಗಿಲ್ಲ, ದೀರ್ಘ ಸಮಯ ವ್ಯರ್ಥ ಮಾಡಬೇಕಾಗಿಲ್ಲ,

ಹಣ ಖರ್ಚು ಮಾಡಬೇಕಾಗಿಲ್ಲ, ಇನ್ನೊಬ್ಬರ ಮೇಲೆ ಅವಲಂಬಿತರಾಗ ಬೇಕಿಲ್ಲ. ಕೇವಲ ಒಂದು ಪ್ರಶಾಂತ ಸ್ಥಳದಲ್ಲಿ, ಸಮಯವಾದಾಗ ಒಂದಷ್ಟು ಏಕಾಗ್ರತೆಯಿಂದ, ನೀವಿರುವ ಹಂತದಲ್ಲೇ ಸ್ವಲ್ಪ ಯೋಚಿಸಿದರೆ ಸಾಕು ಮತ್ತು ಇದನ್ನು ಆಗಾಗ ಮಾಡುತ್ತಲೇ ಇರಬೇಕು. ಆಗ ಖಂಡಿತ ನೀವು ಯಾವುದೇ ಕ್ಷೇತ್ರದಲ್ಲಿ ಇದ್ದರೂ ನಿಮ್ಮ ಜೀವನ ಬದಲಾಗುತ್ತದೆ. ನಿಮ್ಮ ವ್ಯಕ್ತಿತ್ವ ಸಹಜವಾಗಿ ಅರಳುತ್ತದೆ. ಧಾರ್ಮಿಕ, ಆರ್ಥಿಕ, ಶೈಕ್ಷಣಿಕ ಕ್ಷೇತ್ರಗಳ ಪ್ರಭಾವ ನಮ್ಮ ಮೇಲೆ ಸಾಕಷ್ಟಿದೆ. ಸಾಧ್ಯವಾದರೆ ಪ್ರಯತ್ನಿಸಿ. ಇಲ್ಲಿ ಕಳೆದುಕೊಳ್ಳುವುದು ಏನೂ ಇಲ್ಲ. ಪಡೆಯುವುದು ಬಹಳಷ್ಟಿದೆ.

– ಪರಿವರ್ತನೆಗಾಗಿ,
ಮನಸ್ಸುಗಳ ಅಂತರಂಗದ ಚಳವಳಿ,
ವಿವೇಕಾನಂದ. ಎಚ್. ಕೆ.
9844013068.
